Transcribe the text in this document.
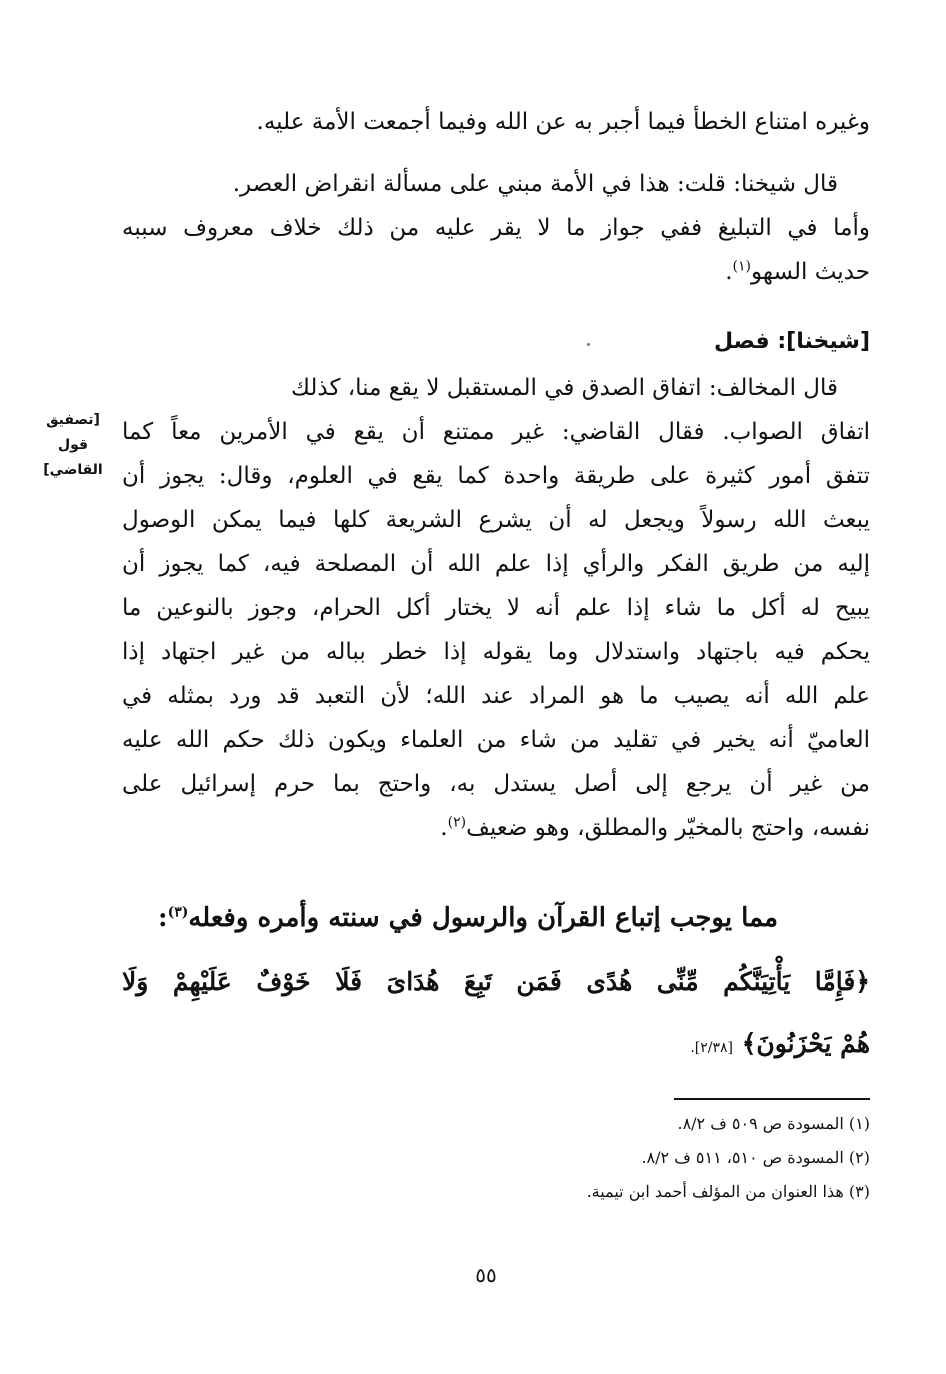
وغيره امتناع الخطأ فيما أجبر به عن الله وفيما أجمعت الأمة عليه.
قال شيخنا: قلت: هذا في الأمة مبني على مسألة انقراض العصر.
وأما في التبليغ ففي جواز ما لا يقر عليه من ذلك خلاف معروف سببه
حديث السهو$^{(١)}$.
[شيخنا]: فصل
[تصفيق
قول
القاضي]
قال المخالف: اتفاق الصدق في المستقبل لا يقع منا، كذلك
اتفاق الصواب. فقال القاضي: غير ممتنع أن يقع في الأمرين معاً كما
تتفق أمور كثيرة على طريقة واحدة كما يقع في العلوم، وقال: يجوز أن
يبعث الله رسولاً ويجعل له أن يشرع الشريعة كلها فيما يمكن الوصول
إليه من طريق الفكر والرأي إذا علم الله أن المصلحة فيه، كما يجوز أن
يبيح له أكل ما شاء إذا علم أنه لا يختار أكل الحرام، وجوز بالنوعين ما
يحكم فيه باجتهاد واستدلال وما يقوله إذا خطر بباله من غير اجتهاد إذا
علم الله أنه يصيب ما هو المراد عند الله؛ لأن التعبد قد ورد بمثله في
العاميّ أنه يخير في تقليد من شاء من العلماء ويكون ذلك حكم الله عليه
من غير أن يرجع إلى أصل يستدل به، واحتج بما حرم إسرائيل على
نفسه، واحتج بالمخيّر والمطلق، وهو ضعيف$^{(٢)}$.
مما يوجب إتباع القرآن والرسول في سنته وأمره وفعله$^{(٣)}$:
﴿فَإِمَّا يَأْتِيَنَّكُم مِّنِّى هُدًى فَمَن تَبِعَ هُدَاىَ فَلَا خَوْفٌ عَلَيْهِمْ وَلَا
هُمْ يَحْزَنُونَ﴾ [٢/٣٨].
(١) المسودة ص ٥٠٩ ف ٨/٢.
(٢) المسودة ص ٥١٠، ٥١١ ف ٨/٢.
(٣) هذا العنوان من المؤلف أحمد ابن تيمية.
٥٥
